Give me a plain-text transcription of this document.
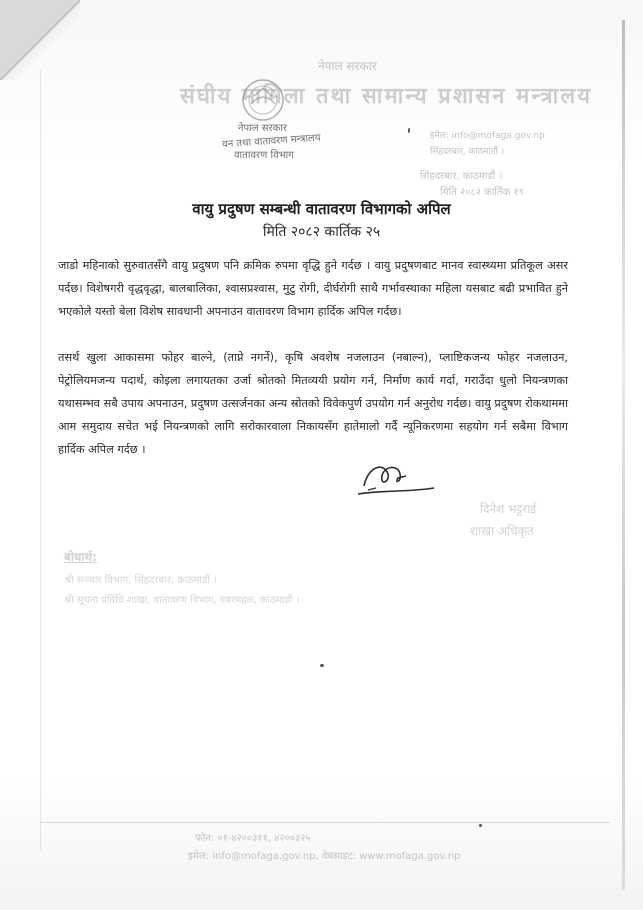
नेपाल सरकार
संघीय मामिला तथा सामान्य प्रशासन मन्त्रालय
इमेल: info@mofaga.gov.np
सिंहदरबार, काठमाडौं ।
सिंहदरबार, काठमाडौं ।
मिति २०८२ कार्तिक १९
दिनेश भट्टराई
शाखा अधिकृत
बोधार्थ:
श्री सञ्चार विभाग, सिंहदरबार, काठमाडौं ।
श्री सूचना प्रविधि शाखा, वातावरण विभाग, बबरमहल, काठमाडौं ।
फोन: ०१-४२००३११, ४२००३२५
इमेल: info@mofaga.gov.np, वेबसाइट: www.mofaga.gov.np
नेपाल सरकार
वन तथा वातावरण मन्त्रालय
वातावरण विभाग
वायु प्रदुषण सम्बन्धी वातावरण विभागको अपिल
मिति २०८२ कार्तिक २५

जाडो महिनाको सुरुवातसँगै वायु प्रदुषण पनि क्रमिक रुपमा वृद्धि हुने गर्दछ । वायु प्रदुषणबाट मानव स्वास्थ्यमा प्रतिकूल असर पर्दछ। विशेषगरी वृद्धवृद्धा, बालबालिका, श्वासप्रश्वास, मुटु रोगी, दीर्घरोगी साथै गर्भावस्थाका महिला यसबाट बढी प्रभावित हुने भएकोले यस्तो बेला विशेष सावधानी अपनाउन वातावरण विभाग हार्दिक अपिल गर्दछ।

तसर्थ खुला आकासमा फोहर बाल्ने, (ताप्ने नगर्ने), कृषि अवशेष नजलाउन (नबाल्न), प्लाष्टिकजन्य फोहर नजलाउन, पेट्रोलियमजन्य पदार्थ, कोइला लगायतका उर्जा श्रोतको मितव्ययी प्रयोग गर्न, निर्माण कार्य गर्दा, गराउँदा धुलो नियन्त्रणका यथासम्भव सबै उपाय अपनाउन, प्रदुषण उत्सर्जनका अन्य स्रोतको विवेकपुर्ण उपयोग गर्न अनुरोध गर्दछ। वायु प्रदुषण रोकथाममा आम समुदाय सचेत भई नियन्त्रणको लागि सरोकारवाला निकायसँग हातेमालो गर्दै न्यूनिकरणमा सहयोग गर्न सबैमा विभाग हार्दिक अपिल गर्दछ ।
